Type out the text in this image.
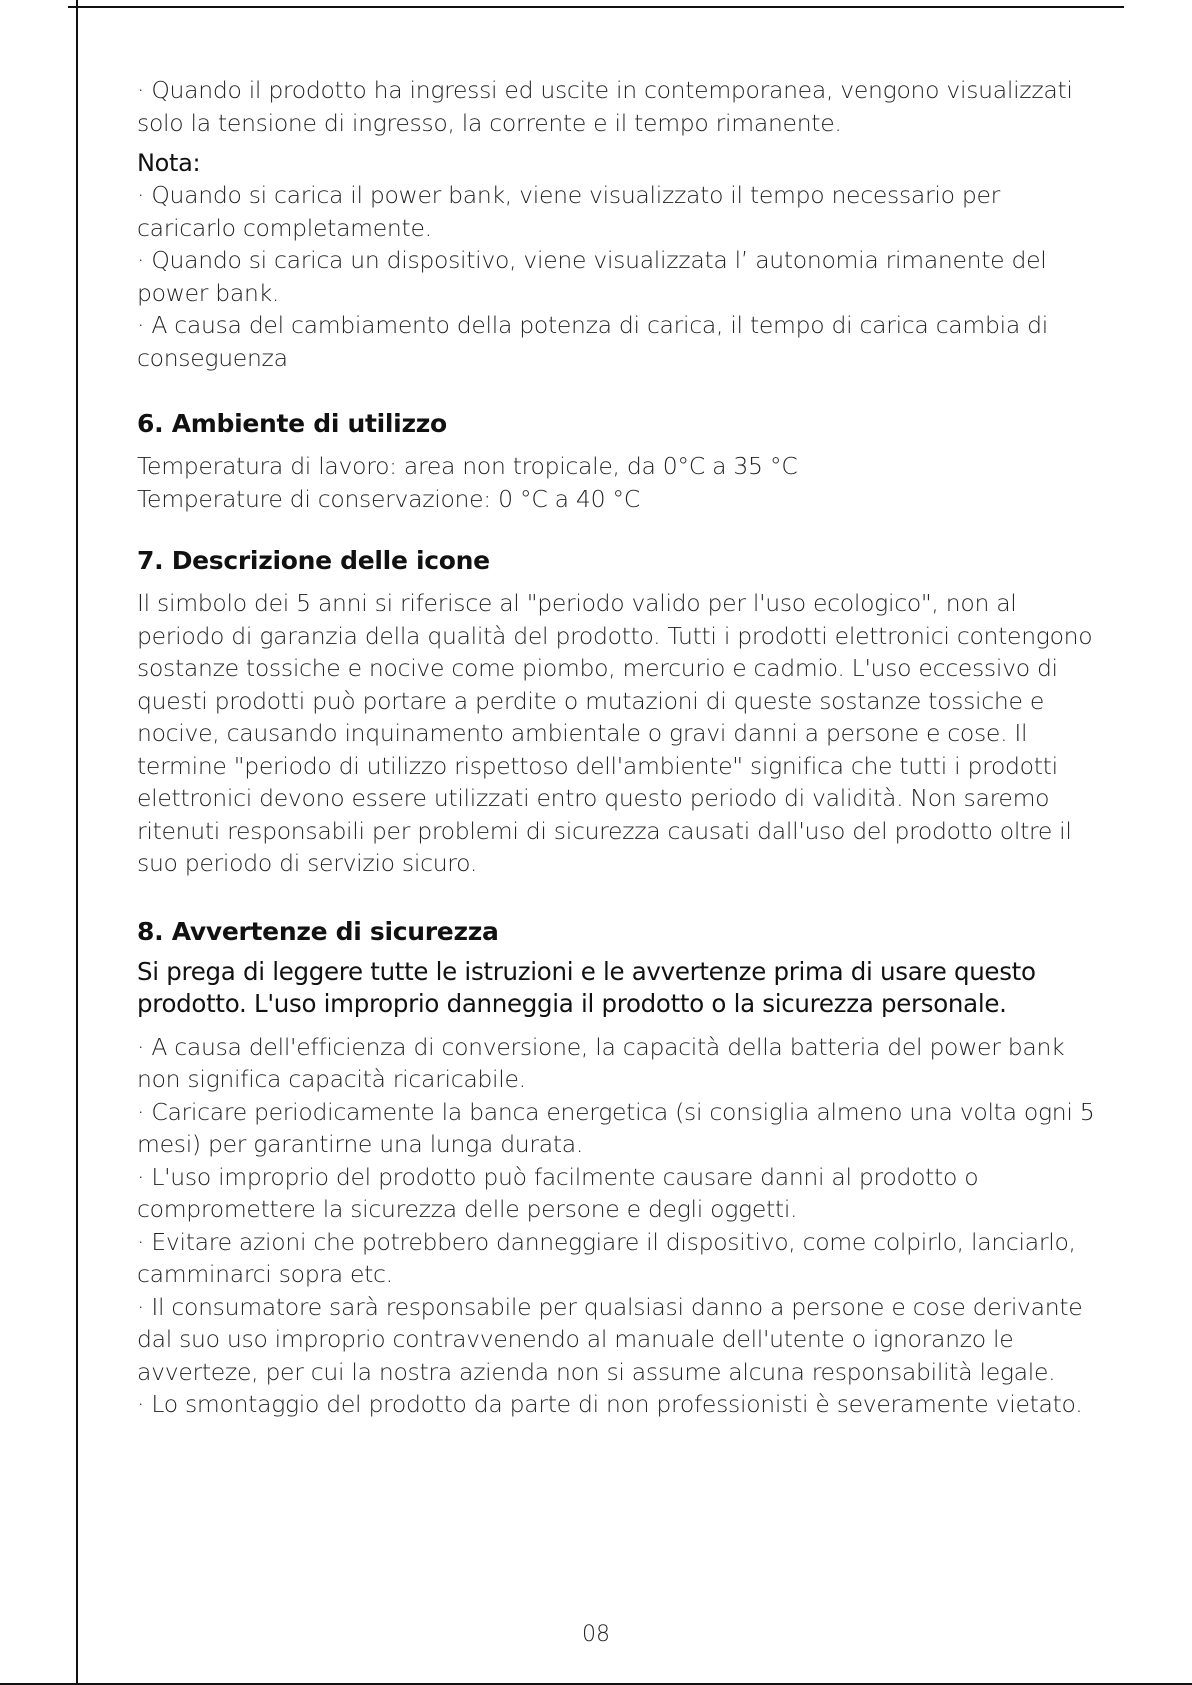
· Quando il prodotto ha ingressi ed uscite in contemporanea, vengono visualizzati solo la tensione di ingresso, la corrente e il tempo rimanente.
Nota:
· Quando si carica il power bank, viene visualizzato il tempo necessario per caricarlo completamente.
· Quando si carica un dispositivo, viene visualizzata l’ autonomia rimanente del power bank.
· A causa del cambiamento della potenza di carica, il tempo di carica cambia di conseguenza
6. Ambiente di utilizzo
Temperatura di lavoro: area non tropicale, da 0°C a 35 °C
Temperature di conservazione: 0 °C a 40 °C
7. Descrizione delle icone
Il simbolo dei 5 anni si riferisce al "periodo valido per l'uso ecologico", non al periodo di garanzia della qualità del prodotto. Tutti i prodotti elettronici contengono sostanze tossiche e nocive come piombo, mercurio e cadmio. L'uso eccessivo di questi prodotti può portare a perdite o mutazioni di queste sostanze tossiche e nocive, causando inquinamento ambientale o gravi danni a persone e cose. Il termine "periodo di utilizzo rispettoso dell'ambiente" significa che tutti i prodotti elettronici devono essere utilizzati entro questo periodo di validità. Non saremo ritenuti responsabili per problemi di sicurezza causati dall'uso del prodotto oltre il suo periodo di servizio sicuro.
8. Avvertenze di sicurezza
Si prega di leggere tutte le istruzioni e le avvertenze prima di usare questo prodotto. L'uso improprio danneggia il prodotto o la sicurezza personale.
· A causa dell'efficienza di conversione, la capacità della batteria del power bank non significa capacità ricaricabile.
· Caricare periodicamente la banca energetica (si consiglia almeno una volta ogni 5 mesi) per garantirne una lunga durata.
· L'uso improprio del prodotto può facilmente causare danni al prodotto o compromettere la sicurezza delle persone e degli oggetti.
· Evitare azioni che potrebbero danneggiare il dispositivo, come colpirlo, lanciarlo, camminarci sopra etc.
· Il consumatore sarà responsabile per qualsiasi danno a persone e cose derivante dal suo uso improprio contravvenendo al manuale dell'utente o ignoranzo le avverteze, per cui la nostra azienda non si assume alcuna responsabilità legale.
· Lo smontaggio del prodotto da parte di non professionisti è severamente vietato.
08
